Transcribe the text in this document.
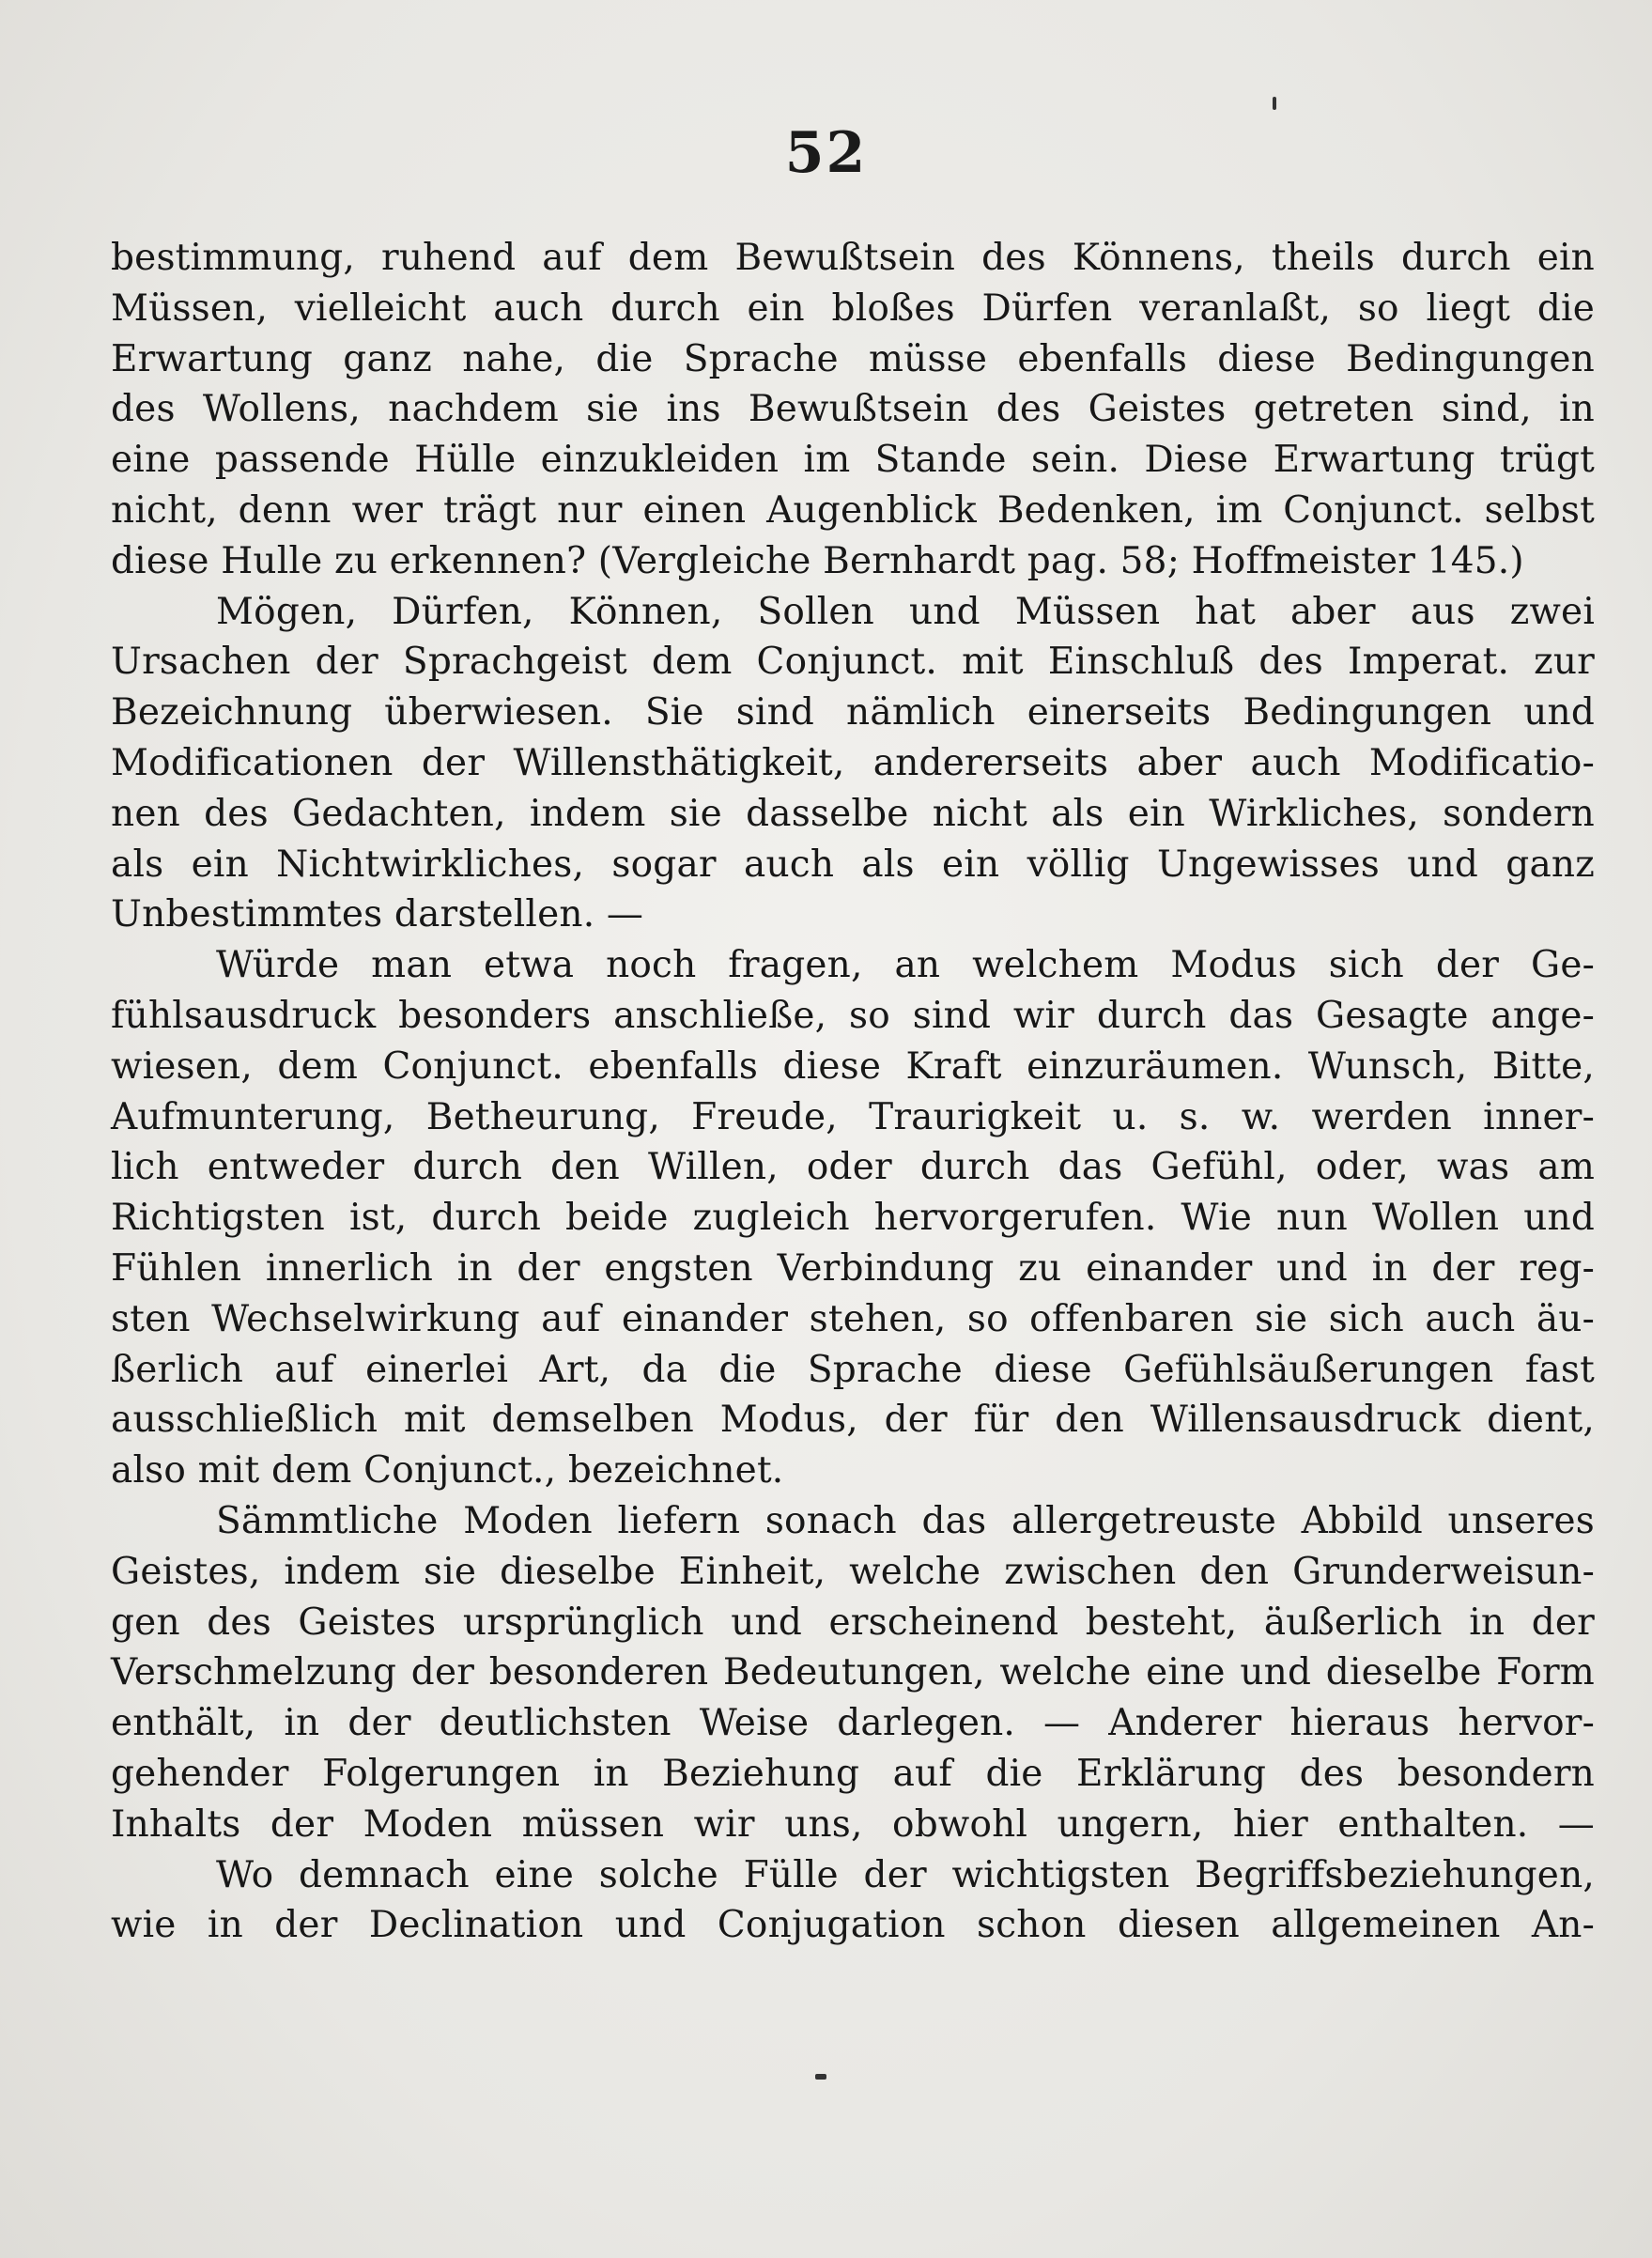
52
bestimmung, ruhend auf dem Bewußtsein des Könnens, theils durch ein
Müssen, vielleicht auch durch ein bloßes Dürfen veranlaßt, so liegt die
Erwartung ganz nahe, die Sprache müsse ebenfalls diese Bedingungen
des Wollens, nachdem sie ins Bewußtsein des Geistes getreten sind, in
eine passende Hülle einzukleiden im Stande sein. Diese Erwartung trügt
nicht, denn wer trägt nur einen Augenblick Bedenken, im Conjunct. selbst
diese Hulle zu erkennen? (Vergleiche Bernhardt pag. 58; Hoffmeister 145.)
Mögen, Dürfen, Können, Sollen und Müssen hat aber aus zwei
Ursachen der Sprachgeist dem Conjunct. mit Einschluß des Imperat. zur
Bezeichnung überwiesen. Sie sind nämlich einerseits Bedingungen und
Modificationen der Willensthätigkeit, andererseits aber auch Modificatio-
nen des Gedachten, indem sie dasselbe nicht als ein Wirkliches, sondern
als ein Nichtwirkliches, sogar auch als ein völlig Ungewisses und ganz
Unbestimmtes darstellen. —
Würde man etwa noch fragen, an welchem Modus sich der Ge-
fühlsausdruck besonders anschließe, so sind wir durch das Gesagte ange-
wiesen, dem Conjunct. ebenfalls diese Kraft einzuräumen. Wunsch, Bitte,
Aufmunterung, Betheurung, Freude, Traurigkeit u. s. w. werden inner-
lich entweder durch den Willen, oder durch das Gefühl, oder, was am
Richtigsten ist, durch beide zugleich hervorgerufen. Wie nun Wollen und
Fühlen innerlich in der engsten Verbindung zu einander und in der reg-
sten Wechselwirkung auf einander stehen, so offenbaren sie sich auch äu-
ßerlich auf einerlei Art, da die Sprache diese Gefühlsäußerungen fast
ausschließlich mit demselben Modus, der für den Willensausdruck dient,
also mit dem Conjunct., bezeichnet.
Sämmtliche Moden liefern sonach das allergetreuste Abbild unseres
Geistes, indem sie dieselbe Einheit, welche zwischen den Grunderweisun-
gen des Geistes ursprünglich und erscheinend besteht, äußerlich in der
Verschmelzung der besonderen Bedeutungen, welche eine und dieselbe Form
enthält, in der deutlichsten Weise darlegen. — Anderer hieraus hervor-
gehender Folgerungen in Beziehung auf die Erklärung des besondern
Inhalts der Moden müssen wir uns, obwohl ungern, hier enthalten. —
Wo demnach eine solche Fülle der wichtigsten Begriffsbeziehungen,
wie in der Declination und Conjugation schon diesen allgemeinen An-
